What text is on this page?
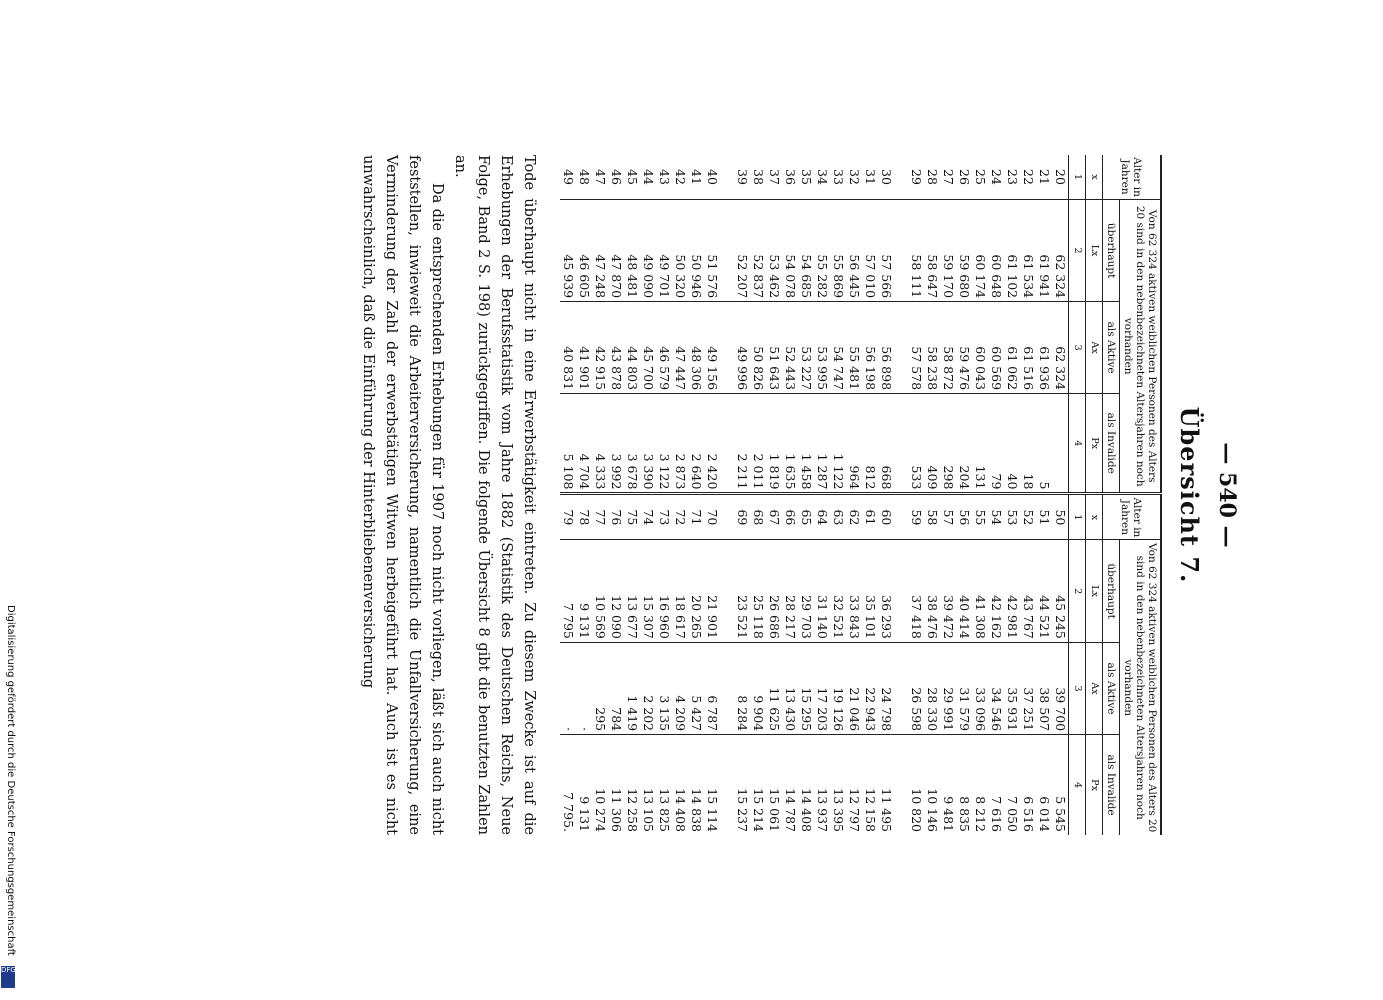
— 540 —
Übersicht 7.
Alter in Jahren	Von 62 324 aktiven weiblichen Personen des Alters 20 sind in den nebenbezeichneten Altersjahren noch vorhanden			Alter in Jahren	Von 62 324 aktiven weiblichen Personen des Alters 20 sind in den nebenbezeichneten Altersjahren noch vorhanden		
	überhaupt	als Aktive	als Invalide		überhaupt	als Aktive	als Invalide
x	Lx	Ax	Px	x	Lx	Ax	Px
1	2	3	4	1	2	3	4
20	62 324	62 324		50	45 245	39 700	5 545
21	61 941	61 936	5	51	44 521	38 507	6 014
22	61 534	61 516	18	52	43 767	37 251	6 516
23	61 102	61 062	40	53	42 981	35 931	7 050
24	60 648	60 569	79	54	42 162	34 546	7 616
25	60 174	60 043	131	55	41 308	33 096	8 212
26	59 680	59 476	204	56	40 414	31 579	8 835
27	59 170	58 872	298	57	39 472	29 991	9 481
28	58 647	58 238	409	58	38 476	28 330	10 146
29	58 111	57 578	533	59	37 418	26 598	10 820

30	57 566	56 898	668	60	36 293	24 798	11 495
31	57 010	56 198	812	61	35 101	22 943	12 158
32	56 445	55 481	964	62	33 843	21 046	12 797
33	55 869	54 747	1 122	63	32 521	19 126	13 395
34	55 282	53 995	1 287	64	31 140	17 203	13 937
35	54 685	53 227	1 458	65	29 703	15 295	14 408
36	54 078	52 443	1 635	66	28 217	13 430	14 787
37	53 462	51 643	1 819	67	26 686	11 625	15 061
38	52 837	50 826	2 011	68	25 118	9 904	15 214
39	52 207	49 996	2 211	69	23 521	8 284	15 237

40	51 576	49 156	2 420	70	21 901	6 787	15 114
41	50 946	48 306	2 640	71	20 265	5 427	14 838
42	50 320	47 447	2 873	72	18 617	4 209	14 408
43	49 701	46 579	3 122	73	16 960	3 135	13 825
44	49 090	45 700	3 390	74	15 307	2 202	13 105
45	48 481	44 803	3 678	75	13 677	1 419	12 258
46	47 870	43 878	3 992	76	12 090	784	11 306
47	47 248	42 915	4 333	77	10 569	295	10 274
48	46 605	41 901	4 704	78	9 131	·	9 131
49	45 939	40 831	5 108	79	7 795	·	7 795.

Tode überhaupt nicht in eine Erwerbstätigkeit eintreten. Zu diesem Zwecke ist auf die Erhebungen der Berufsstatistik vom Jahre 1882 (Statistik des Deutschen Reichs, Neue Folge, Band 2 S. 198) zurückgegriffen. Die folgende Übersicht 8 gibt die benutzten Zahlen an.

Da die entsprechenden Erhebungen für 1907 noch nicht vorliegen, läßt sich auch nicht feststellen, inwieweit die Arbeiterversicherung, namentlich die Unfallversicherung, eine Verminderung der Zahl der erwerbstätigen Witwen herbeigeführt hat. Auch ist es nicht unwahrscheinlich, daß die Einführung der Hinterbliebenenversicherung

Digitalisierung gefördert durch die Deutsche Forschungsgemeinschaft
DFG
